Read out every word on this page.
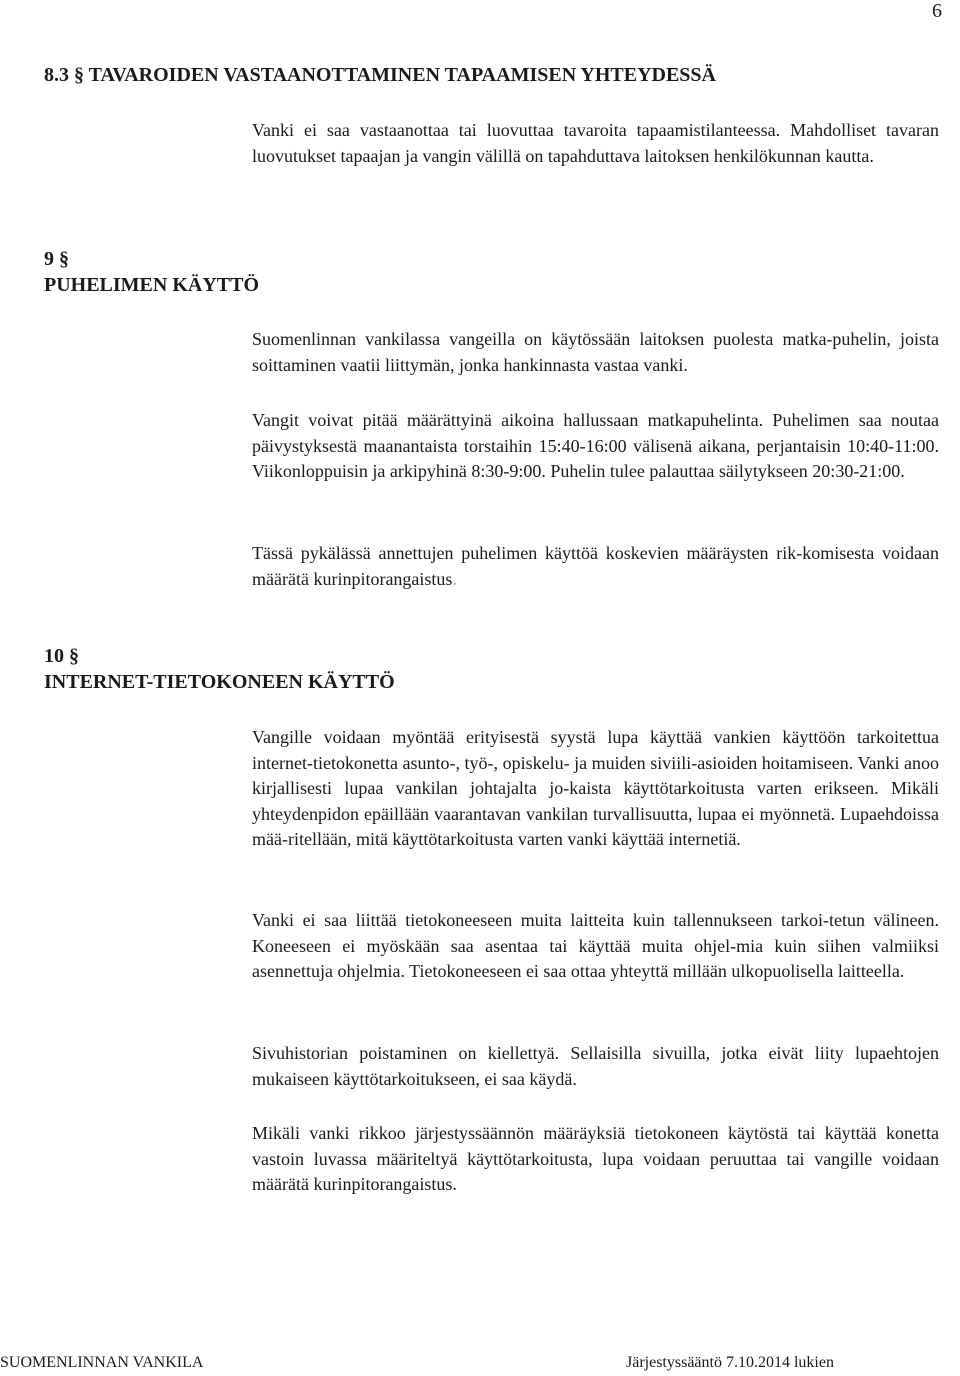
6
8.3 § TAVAROIDEN VASTAANOTTAMINEN TAPAAMISEN YHTEYDESSÄ

Vanki ei saa vastaanottaa tai luovuttaa tavaroita tapaamistilanteessa. Mahdolliset tavaran luovutukset tapaajan ja vangin välillä on tapahduttava laitoksen henkilökunnan kautta.

9 §
PUHELIMEN KÄYTTÖ

Suomenlinnan vankilassa vangeilla on käytössään laitoksen puolesta matka-puhelin, joista soittaminen vaatii liittymän, jonka hankinnasta vastaa vanki.

Vangit voivat pitää määrättyinä aikoina hallussaan matkapuhelinta. Puhelimen saa noutaa päivystyksestä maanantaista torstaihin 15:40-16:00 välisenä aikana, perjantaisin 10:40-11:00. Viikonloppuisin ja arkipyhinä 8:30-9:00. Puhelin tulee palauttaa säilytykseen 20:30-21:00.

Tässä pykälässä annettujen puhelimen käyttöä koskevien määräysten rik-komisesta voidaan määrätä kurinpitorangaistus.

10 §
INTERNET-TIETOKONEEN KÄYTTÖ

Vangille voidaan myöntää erityisestä syystä lupa käyttää vankien käyttöön tarkoitettua internet-tietokonetta asunto-, työ-, opiskelu- ja muiden siviili-asioiden hoitamiseen. Vanki anoo kirjallisesti lupaa vankilan johtajalta jo-kaista käyttötarkoitusta varten erikseen. Mikäli yhteydenpidon epäillään vaarantavan vankilan turvallisuutta, lupaa ei myönnetä. Lupaehdoissa mää-ritellään, mitä käyttötarkoitusta varten vanki käyttää internetiä.

Vanki ei saa liittää tietokoneeseen muita laitteita kuin tallennukseen tarkoi-tetun välineen. Koneeseen ei myöskään saa asentaa tai käyttää muita ohjel-mia kuin siihen valmiiksi asennettuja ohjelmia. Tietokoneeseen ei saa ottaa yhteyttä millään ulkopuolisella laitteella.

Sivuhistorian poistaminen on kiellettyä. Sellaisilla sivuilla, jotka eivät liity lupaehtojen mukaiseen käyttötarkoitukseen, ei saa käydä.

Mikäli vanki rikkoo järjestyssäännön määräyksiä tietokoneen käytöstä tai käyttää konetta vastoin luvassa määriteltyä käyttötarkoitusta, lupa voidaan peruuttaa tai vangille voidaan määrätä kurinpitorangaistus.

SUOMENLINNAN VANKILA	Järjestyssääntö 7.10.2014 lukien
